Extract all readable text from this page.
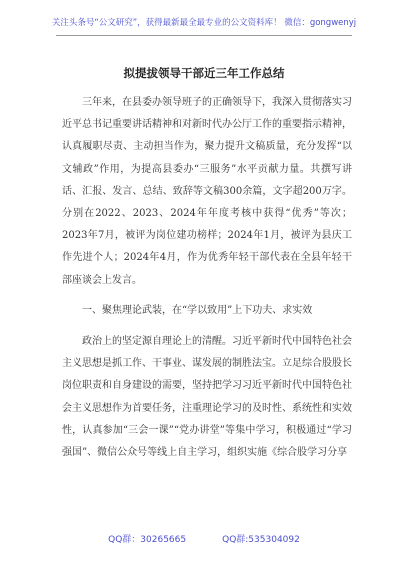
关注头条号“公文研究”，获得最新最全最专业的公文资料库！ 微信：gongwenyj
拟提拔领导干部近三年工作总结

三年来，在县委办领导班子的正确领导下，我深入贯彻落实习近平总书记重要讲话精神和对新时代办公厅工作的重要指示精神，认真履职尽责、主动担当作为，聚力提升文稿质量，充分发挥“以文辅政”作用，为提高县委办“三服务”水平贡献力量。共撰写讲话、汇报、发言、总结、致辞等文稿300余篇，文字超200万字。分别在2022、2023、2024年年度考核中获得“优秀”等次；2023年7月，被评为岗位建功榜样；2024年1月，被评为县庆工作先进个人；2024年4月，作为优秀年轻干部代表在全县年轻干部座谈会上发言。

一、聚焦理论武装，在“学以致用”上下功夫、求实效

政治上的坚定源自理论上的清醒。习近平新时代中国特色社会主义思想是抓工作、干事业、谋发展的制胜法宝。立足综合股股长岗位职责和自身建设的需要，坚持把学习习近平新时代中国特色社会主义思想作为首要任务，注重理论学习的及时性、系统性和实效性，认真参加“三会一课”“党办讲堂”等集中学习，积极通过“学习强国”、微信公众号等线上自主学习，组织实施《综合股学习分享

QQ群：30265665	QQ群:535304092
